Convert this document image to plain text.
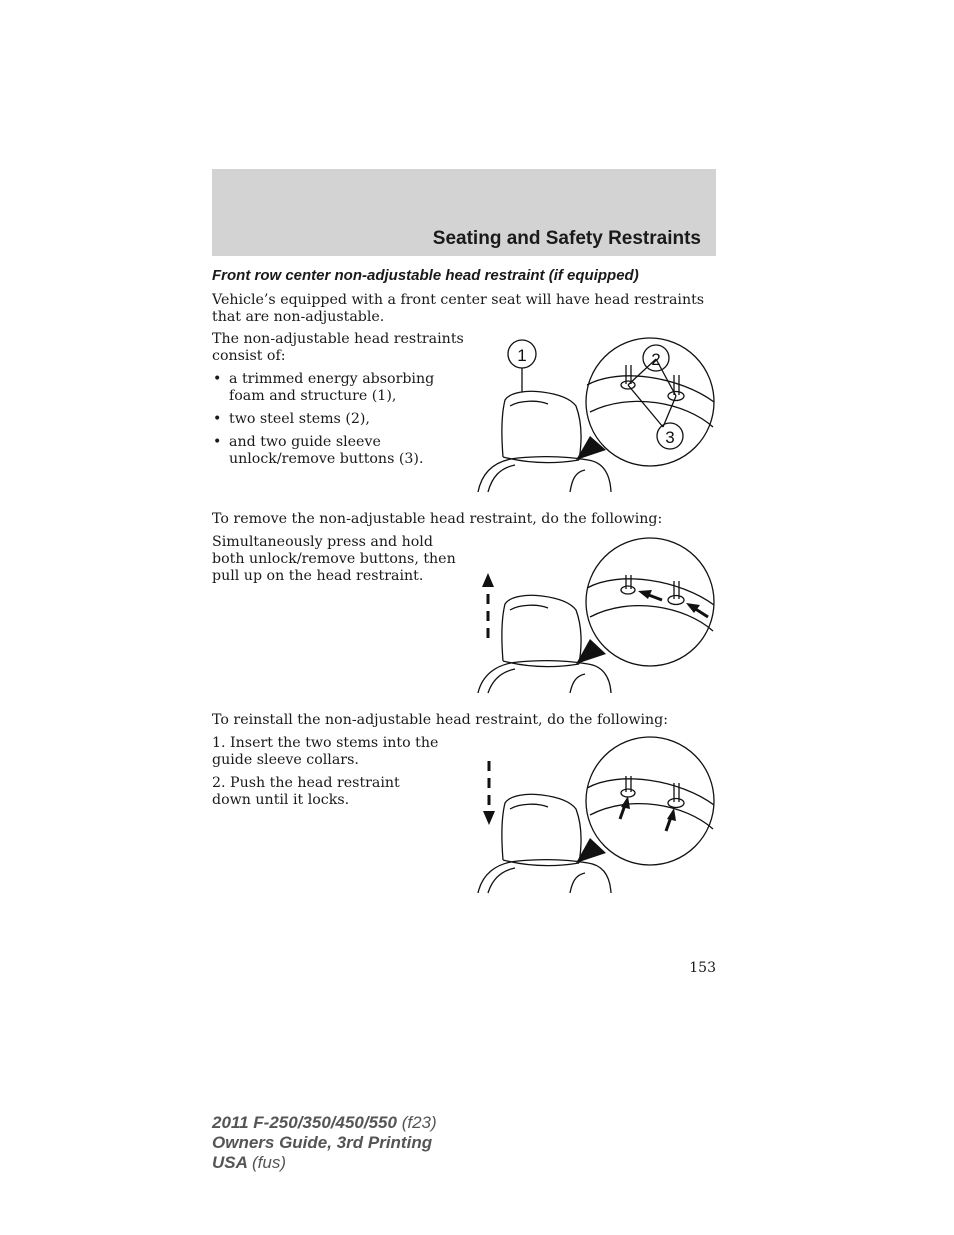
Seating and Safety Restraints
Front row center non-adjustable head restraint (if equipped)

Vehicle’s equipped with a front center seat will have head restraints that are non-adjustable.

The non-adjustable head restraints consist of:

• a trimmed energy absorbing foam and structure (1),
• two steel stems (2),
• and two guide sleeve unlock/remove buttons (3).
1	2
3

To remove the non-adjustable head restraint, do the following:

Simultaneously press and hold both unlock/remove buttons, then pull up on the head restraint.

To reinstall the non-adjustable head restraint, do the following:

1. Insert the two stems into the guide sleeve collars.

2. Push the head restraint down until it locks.

153
2011 F-250/350/450/550 (f23)
Owners Guide, 3rd Printing
USA (fus)
